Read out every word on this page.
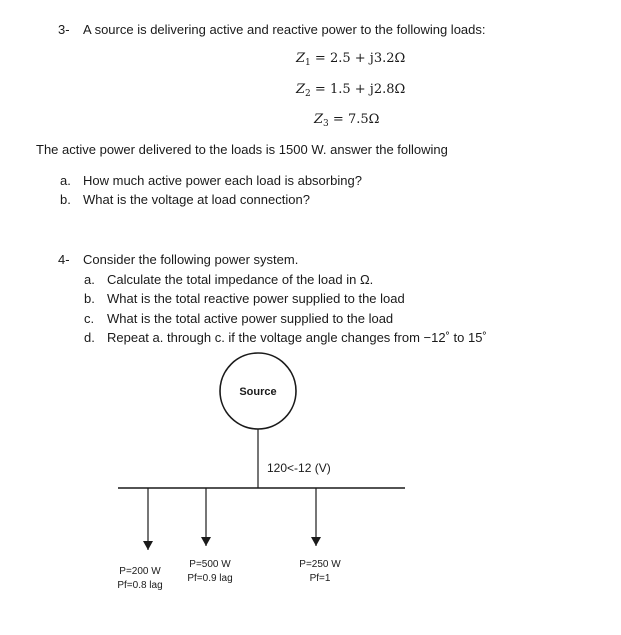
3- A source is delivering active and reactive power to the following loads:
$Z_1 = 2.5 + j3.2\Omega$
$Z_2 = 1.5 + j2.8\Omega$
$Z_3 = 7.5\Omega$
The active power delivered to the loads is 1500 W. answer the following
a. How much active power each load is absorbing?
b. What is the voltage at load connection?
4- Consider the following power system.
a. Calculate the total impedance of the load in Ω.
b. What is the total reactive power supplied to the load
c. What is the total active power supplied to the load
d. Repeat a. through c. if the voltage angle changes from −12˚ to 15˚
Source
120<-12 (V)
P=200 W
Pf=0.8 lag
P=500 W
Pf=0.9 lag
P=250 W
Pf=1
